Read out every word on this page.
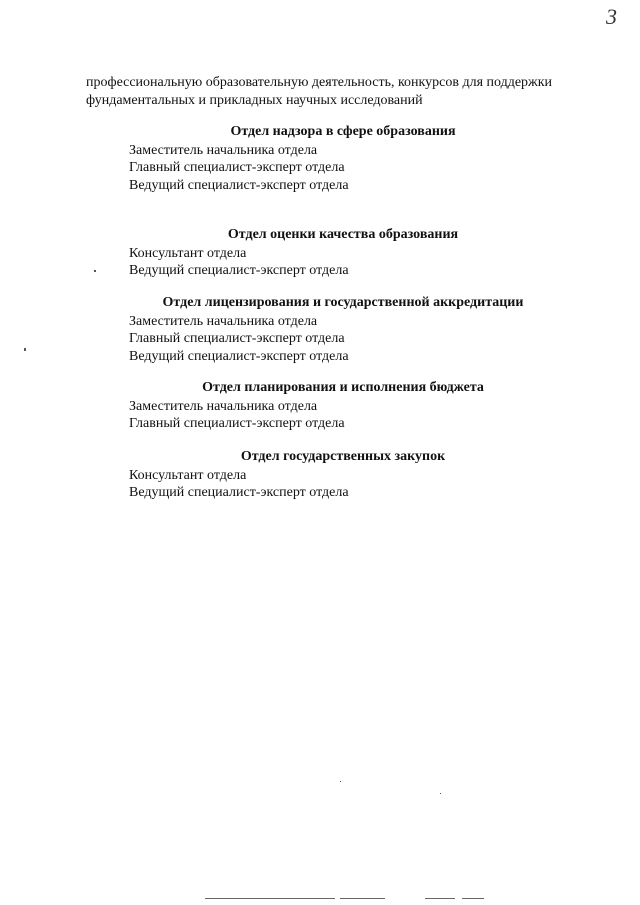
3

профессиональную образовательную деятельность, конкурсов для поддержки

фундаментальных и прикладных научных исследований

Отдел надзора в сфере образования
Заместитель начальника отдела
Главный специалист-эксперт отдела
Ведущий специалист-эксперт отдела
Отдел оценки качества образования
Консультант отдела
Ведущий специалист-эксперт отдела
Отдел лицензирования и государственной аккредитации
Заместитель начальника отдела
Главный специалист-эксперт отдела
Ведущий специалист-эксперт отдела
Отдел планирования и исполнения бюджета
Заместитель начальника отдела
Главный специалист-эксперт отдела
Отдел государственных закупок
Консультант отдела
Ведущий специалист-эксперт отдела
